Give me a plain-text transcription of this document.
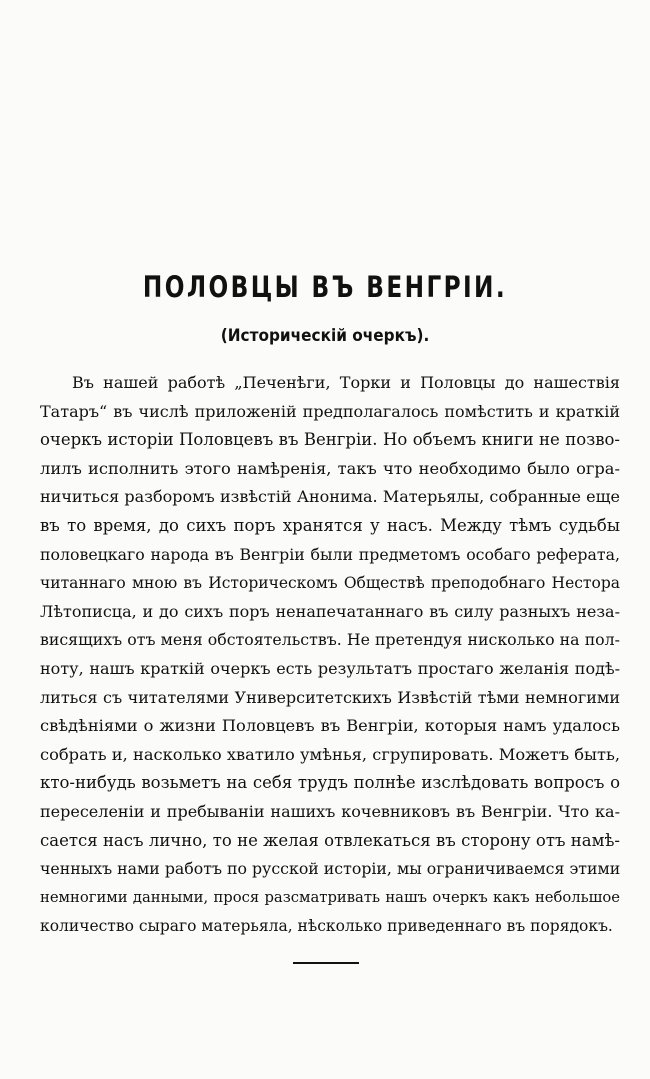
ПОЛОВЦЫ ВЪ ВЕНГРІИ.
(Историческій очеркъ).
Въ нашей работѣ „Печенѣги, Торки и Половцы до нашествія
Татаръ“ въ числѣ приложеній предполагалось помѣстить и краткій
очеркъ исторіи Половцевъ въ Венгріи. Но объемъ книги не позво-
лилъ исполнить этого намѣренія, такъ что необходимо было огра-
ничиться разборомъ извѣстій Анонима. Матерьялы, собранные еще
въ то время, до сихъ поръ хранятся у насъ. Между тѣмъ судьбы
половецкаго народа въ Венгріи были предметомъ особаго реферата,
читаннаго мною въ Историческомъ Обществѣ преподобнаго Нестора
Лѣтописца, и до сихъ поръ ненапечатаннаго въ силу разныхъ неза-
висящихъ отъ меня обстоятельствъ. Не претендуя нисколько на пол-
ноту, нашъ краткій очеркъ есть результатъ простаго желанія подѣ-
литься съ читателями Университетскихъ Извѣстій тѣми немногими
свѣдѣніями о жизни Половцевъ въ Венгріи, которыя намъ удалось
собрать и, насколько хватило умѣнья, сгрупировать. Можетъ быть,
кто-нибудь возьметъ на себя трудъ полнѣе изслѣдовать вопросъ о
переселеніи и пребываніи нашихъ кочевниковъ въ Венгріи. Что ка-
сается насъ лично, то не желая отвлекаться въ сторону отъ намѣ-
ченныхъ нами работъ по русской исторіи, мы ограничиваемся этими
немногими данными, прося разсматривать нашъ очеркъ какъ небольшое
количество сыраго матерьяла, нѣсколько приведеннаго въ порядокъ.
